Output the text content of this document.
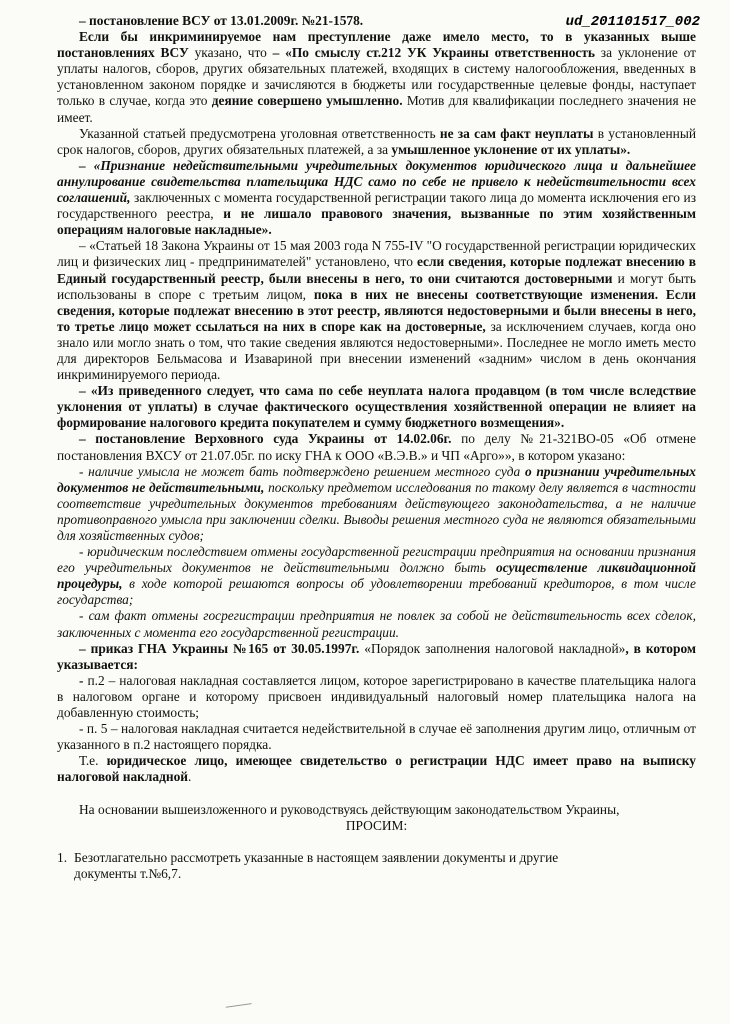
ud_201101517_002

– постановление ВСУ от 13.01.2009г. №21-1578.

Если бы инкриминируемое нам преступление даже имело место, то в указанных выше постановлениях ВСУ указано, что – «По смыслу ст.212 УК Украины ответственность за уклонение от уплаты налогов, сборов, других обязательных платежей, входящих в систему налогообложения, введенных в установленном законом порядке и зачисляются в бюджеты или государственные целевые фонды, наступает только в случае, когда это деяние совершено умышленно. Мотив для квалификации последнего значения не имеет.

Указанной статьей предусмотрена уголовная ответственность не за сам факт неуплаты в установленный срок налогов, сборов, других обязательных платежей, а за умышленное уклонение от их уплаты».

– «Признание недействительными учредительных документов юридического лица и дальнейшее аннулирование свидетельства плательщика НДС само по себе не привело к недействительности всех соглашений, заключенных с момента государственной регистрации такого лица до момента исключения его из государственного реестра, и не лишало правового значения, вызванные по этим хозяйственным операциям налоговые накладные».

– «Статьей 18 Закона Украины от 15 мая 2003 года N 755-IV "О государственной регистрации юридических лиц и физических лиц - предпринимателей" установлено, что если сведения, которые подлежат внесению в Единый государственный реестр, были внесены в него, то они считаются достоверными и могут быть использованы в споре с третьим лицом, пока в них не внесены соответствующие изменения. Если сведения, которые подлежат внесению в этот реестр, являются недостоверными и были внесены в него, то третье лицо может ссылаться на них в споре как на достоверные, за исключением случаев, когда оно знало или могло знать о том, что такие сведения являются недостоверными». Последнее не могло иметь место для директоров Бельмасова и Изавариной при внесении изменений «задним» числом в день окончания инкриминируемого периода.

– «Из приведенного следует, что сама по себе неуплата налога продавцом (в том числе вследствие уклонения от уплаты) в случае фактического осуществления хозяйственной операции не влияет на формирование налогового кредита покупателем и сумму бюджетного возмещения».

– постановление Верховного суда Украины от 14.02.06г. по делу №21-321ВО-05 «Об отмене постановления ВХСУ от 21.07.05г. по иску ГНА к ООО «В.Э.В.» и ЧП «Арго»», в котором указано:

- наличие умысла не может бать подтверждено решением местного суда о признании учредительных документов не действительными, поскольку предметом исследования по такому делу является в частности соответствие учредительных документов требованиям действующего законодательства, а не наличие противоправного умысла при заключении сделки. Выводы решения местного суда не являются обязательными для хозяйственных судов;

- юридическим последствием отмены государственной регистрации предприятия на основании признания его учредительных документов не действительными должно быть осуществление ликвидационной процедуры, в ходе которой решаются вопросы об удовлетворении требований кредиторов, в том числе государства;

- сам факт отмены госрегистрации предприятия не повлек за собой не действительность всех сделок, заключенных с момента его государственной регистрации.

– приказ ГНА Украины №165 от 30.05.1997г. «Порядок заполнения налоговой накладной», в котором указывается:

- п.2 – налоговая накладная составляется лицом, которое зарегистрировано в качестве плательщика налога в налоговом органе и которому присвоен индивидуальный налоговый номер плательщика налога на добавленную стоимость;

- п. 5 – налоговая накладная считается недействительной в случае её заполнения другим лицо, отличным от указанного в п.2 настоящего порядка.

Т.е. юридическое лицо, имеющее свидетельство о регистрации НДС имеет право на выписку налоговой накладной.

На основании вышеизложенного и руководствуясь действующим законодательством Украины,

ПРОСИМ:

1. Безотлагательно рассмотреть указанные в настоящем заявлении документы и другие

документы т.№6,7.
